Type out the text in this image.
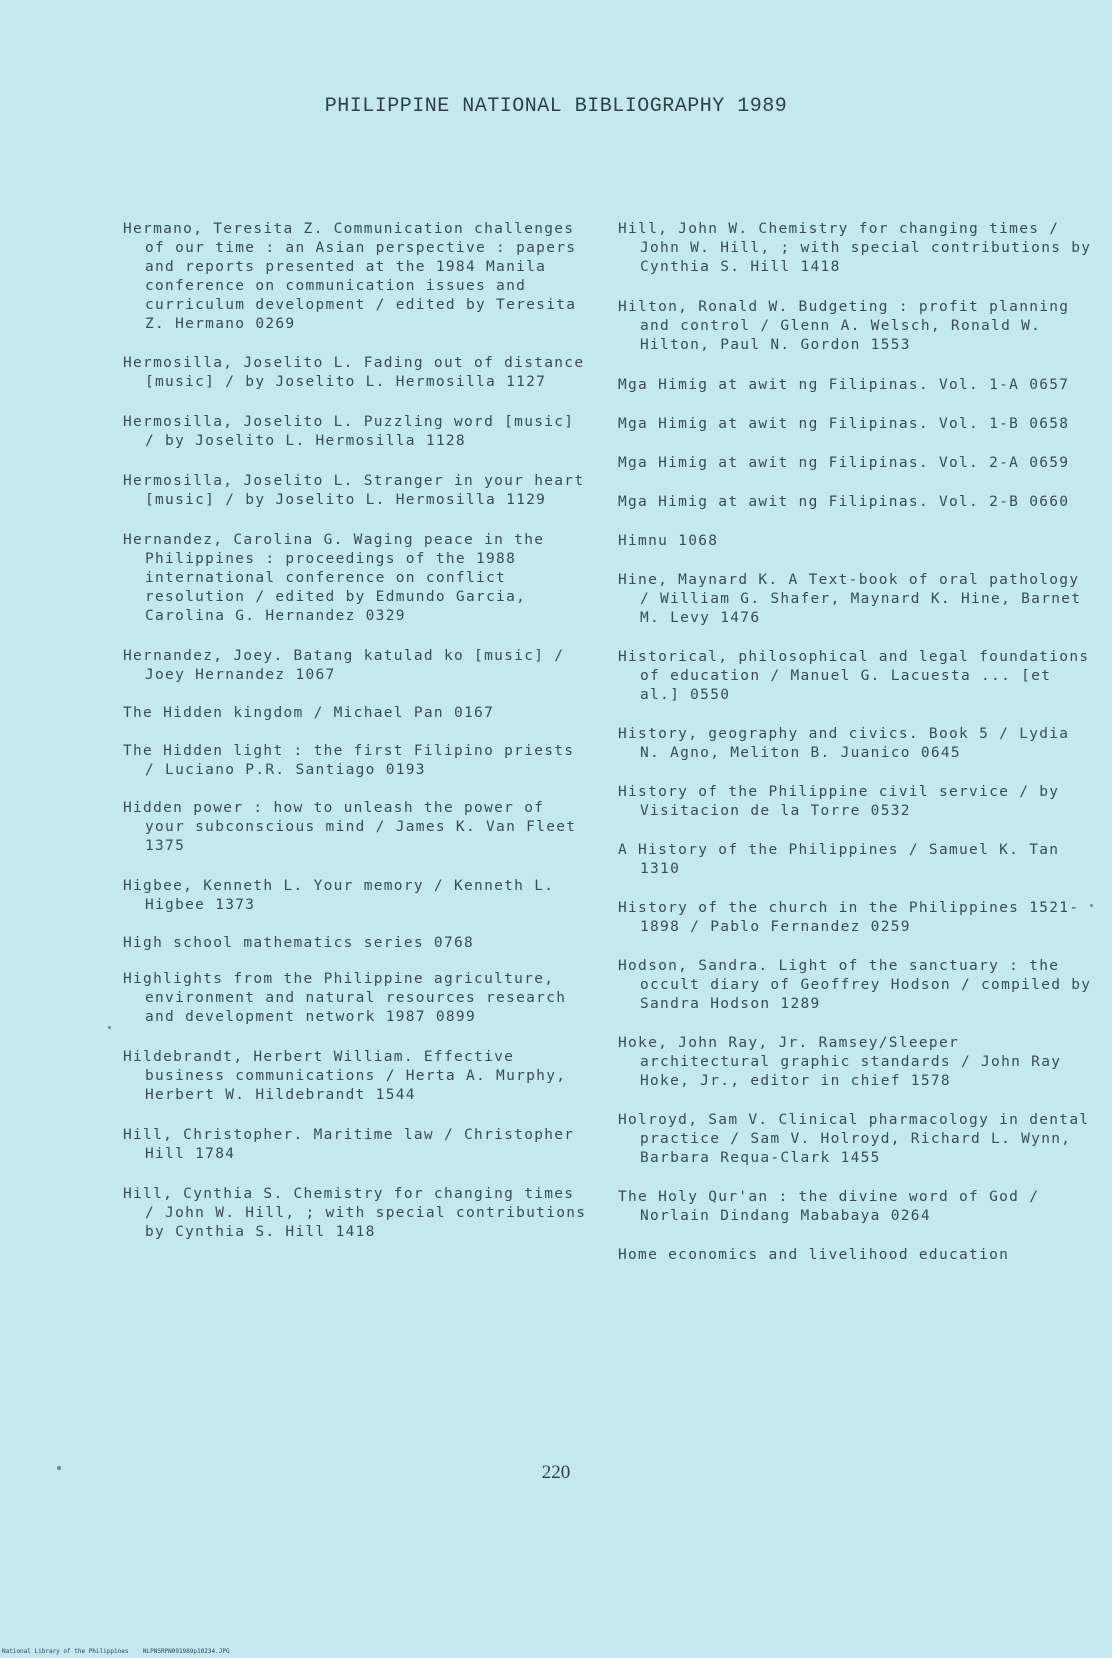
PHILIPPINE NATIONAL BIBLIOGRAPHY 1989

Hermano, Teresita Z. Communication challenges of our time : an Asian perspective : papers and reports presented at the 1984 Manila conference on communication issues and curriculum development / edited by Teresita Z. Hermano 0269

Hermosilla, Joselito L. Fading out of distance [music] / by Joselito L. Hermosilla 1127

Hermosilla, Joselito L. Puzzling word [music] / by Joselito L. Hermosilla 1128

Hermosilla, Joselito L. Stranger in your heart [music] / by Joselito L. Hermosilla 1129

Hernandez, Carolina G. Waging peace in the Philippines : proceedings of the 1988 international conference on conflict resolution / edited by Edmundo Garcia, Carolina G. Hernandez 0329

Hernandez, Joey. Batang katulad ko [music] / Joey Hernandez 1067

The Hidden kingdom / Michael Pan 0167

The Hidden light : the first Filipino priests / Luciano P.R. Santiago 0193

Hidden power : how to unleash the power of your subconscious mind / James K. Van Fleet 1375

Higbee, Kenneth L. Your memory / Kenneth L. Higbee 1373

High school mathematics series 0768

Highlights from the Philippine agriculture, environment and natural resources research and development network 1987 0899

Hildebrandt, Herbert William. Effective business communications / Herta A. Murphy, Herbert W. Hildebrandt 1544

Hill, Christopher. Maritime law / Christopher Hill 1784

Hill, Cynthia S. Chemistry for changing times / John W. Hill, ; with special contributions by Cynthia S. Hill 1418

Hill, John W. Chemistry for changing times / John W. Hill, ; with special contributions by Cynthia S. Hill 1418

Hilton, Ronald W. Budgeting : profit planning and control / Glenn A. Welsch, Ronald W. Hilton, Paul N. Gordon 1553

Mga Himig at awit ng Filipinas. Vol. 1-A 0657

Mga Himig at awit ng Filipinas. Vol. 1-B 0658

Mga Himig at awit ng Filipinas. Vol. 2-A 0659

Mga Himig at awit ng Filipinas. Vol. 2-B 0660

Himnu 1068

Hine, Maynard K. A Text-book of oral pathology / William G. Shafer, Maynard K. Hine, Barnet M. Levy 1476

Historical, philosophical and legal foundations of education / Manuel G. Lacuesta ... [et al.] 0550

History, geography and civics. Book 5 / Lydia N. Agno, Meliton B. Juanico 0645

History of the Philippine civil service / by Visitacion de la Torre 0532

A History of the Philippines / Samuel K. Tan 1310

History of the church in the Philippines 1521-1898 / Pablo Fernandez 0259

Hodson, Sandra. Light of the sanctuary : the occult diary of Geoffrey Hodson / compiled by Sandra Hodson 1289

Hoke, John Ray, Jr. Ramsey/Sleeper architectural graphic standards / John Ray Hoke, Jr., editor in chief 1578

Holroyd, Sam V. Clinical pharmacology in dental practice / Sam V. Holroyd, Richard L. Wynn, Barbara Requa-Clark 1455

The Holy Qur'an : the divine word of God / Norlain Dindang Mababaya 0264

Home economics and livelihood education

220
National Library of the Philippines    NLPNSRPN091989p10234.JPG
